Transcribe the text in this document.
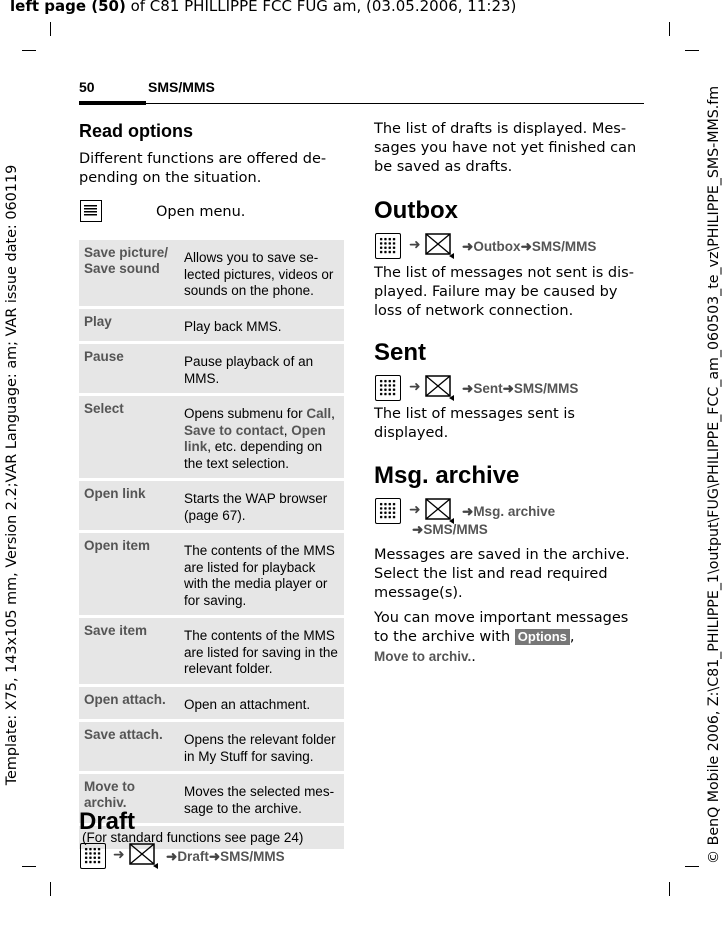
left page (50) of C81 PHILLIPPE FCC FUG am, (03.05.2006, 11:23)
Template: X75, 143x105 mm, Version 2.2;VAR Language: am; VAR issue date: 060119	© BenQ Mobile 2006, Z:\C81_PHILIPPE_1\output\FUG\PHILIPPE_FCC_am_060503_te_vz\PHILIPPE_SMS-MMS.fm
50	SMS/MMS
Read options
Different functions are offered de-pending on the situation.
Open menu.
Save picture/ Save sound	Allows you to save se-lected pictures, videos or sounds on the phone.
Play	Play back MMS.
Pause	Pause playback of an MMS.
Select	Opens submenu for Call, Save to contact, Open link, etc. depending on the text selection.
Open link	Starts the WAP browser (page 67).
Open item	The contents of the MMS are listed for playback with the media player or for saving.
Save item	The contents of the MMS are listed for saving in the relevant folder.
Open attach.	Open an attachment.
Save attach.	Opens the relevant folder in My Stuff for saving.
Move to archiv.	Moves the selected mes-sage to the archive.
(For standard functions see page 24)	
Draft
➜	➜Draft➜SMS/MMS
The list of drafts is displayed. Mes-sages you have not yet finished can be saved as drafts.
Outbox
➜	➜Outbox➜SMS/MMS
The list of messages not sent is dis-played. Failure may be caused by loss of network connection.
Sent
➜	➜Sent➜SMS/MMS
The list of messages sent is displayed.
Msg. archive
➜	➜Msg. archive
➜SMS/MMS
Messages are saved in the archive. Select the list and read required message(s).
You can move important messages to the archive with Options ,
Move to archiv..
